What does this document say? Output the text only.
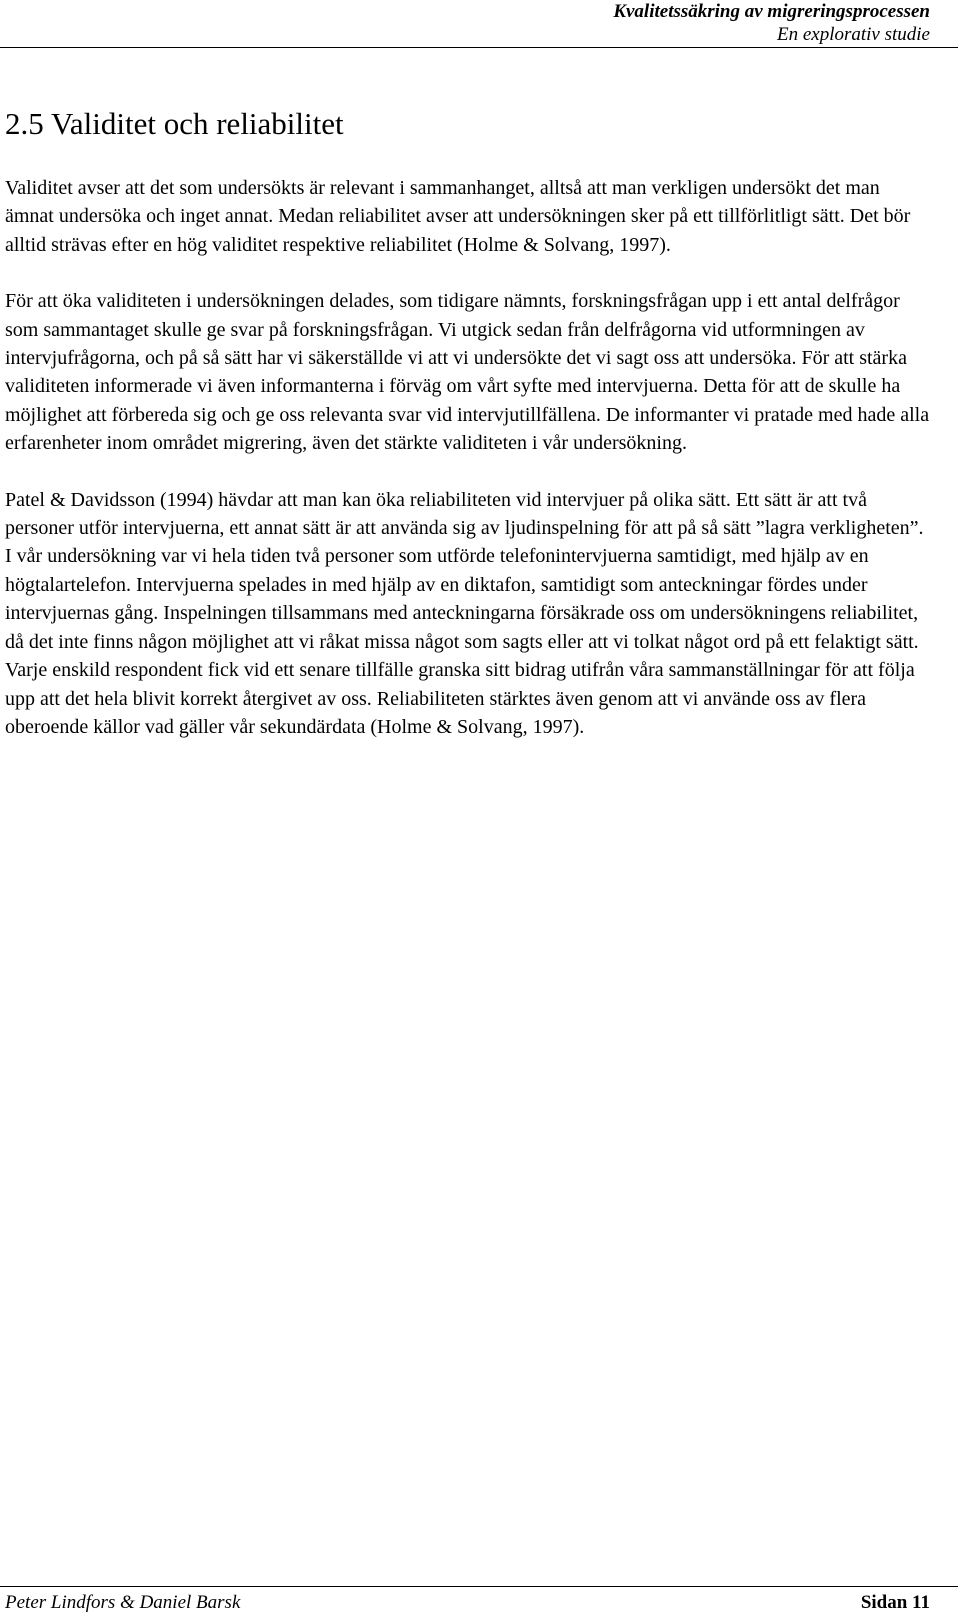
Kvalitetssäkring av migreringsprocessen
En explorativ studie
2.5 Validitet och reliabilitet

Validitet avser att det som undersökts är relevant i sammanhanget, alltså att man verkligen undersökt det man ämnat undersöka och inget annat. Medan reliabilitet avser att undersökningen sker på ett tillförlitligt sätt. Det bör alltid strävas efter en hög validitet respektive reliabilitet (Holme & Solvang, 1997).

För att öka validiteten i undersökningen delades, som tidigare nämnts, forskningsfrågan upp i ett antal delfrågor som sammantaget skulle ge svar på forskningsfrågan. Vi utgick sedan från delfrågorna vid utformningen av intervjufrågorna, och på så sätt har vi säkerställde vi att vi undersökte det vi sagt oss att undersöka. För att stärka validiteten informerade vi även informanterna i förväg om vårt syfte med intervjuerna. Detta för att de skulle ha möjlighet att förbereda sig och ge oss relevanta svar vid intervjutillfällena. De informanter vi pratade med hade alla erfarenheter inom området migrering, även det stärkte validiteten i vår undersökning.

Patel & Davidsson (1994) hävdar att man kan öka reliabiliteten vid intervjuer på olika sätt. Ett sätt är att två personer utför intervjuerna, ett annat sätt är att använda sig av ljudinspelning för att på så sätt ”lagra verkligheten”. I vår undersökning var vi hela tiden två personer som utförde telefonintervjuerna samtidigt, med hjälp av en högtalartelefon. Intervjuerna spelades in med hjälp av en diktafon, samtidigt som anteckningar fördes under intervjuernas gång. Inspelningen tillsammans med anteckningarna försäkrade oss om undersökningens reliabilitet, då det inte finns någon möjlighet att vi råkat missa något som sagts eller att vi tolkat något ord på ett felaktigt sätt. Varje enskild respondent fick vid ett senare tillfälle granska sitt bidrag utifrån våra sammanställningar för att följa upp att det hela blivit korrekt återgivet av oss. Reliabiliteten stärktes även genom att vi använde oss av flera oberoende källor vad gäller vår sekundärdata (Holme & Solvang, 1997).

Peter Lindfors & Daniel Barsk	Sidan 11
